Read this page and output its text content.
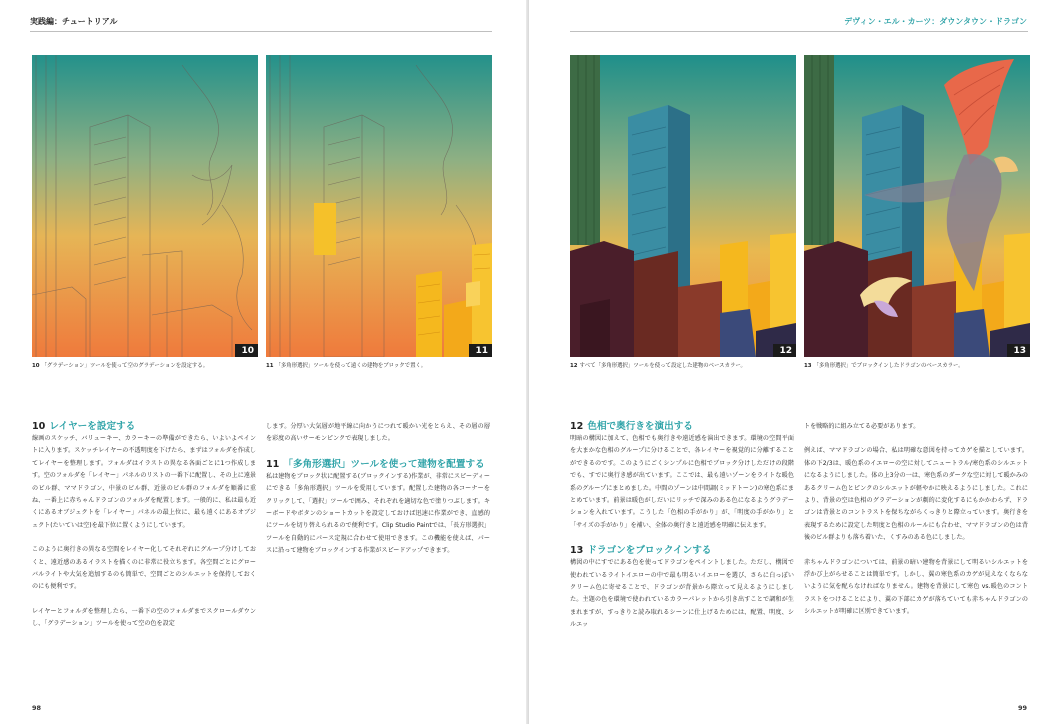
実践編：チュートリアル
10
10 「グラデーション」ツールを使って空のグラデーションを設定する。
11
11 「多角形選択」ツールを使って遠くの建物をブロックで置く。
10 レイヤーを設定する

線画のスケッチ、バリューキー、カラーキーの準備ができたら、いよいよペイントに入ります。スケッチレイヤーの不透明度を下げたら、まずはフォルダを作成してレイヤーを整理します。フォルダはイラストの異なる各面ごとに1つ作成します。空のフォルダを「レイヤー」パネルのリストの一番下に配置し、その上に遠景のビル群、ママドラゴン、中景のビル群、近景のビル群のフォルダを順番に重ね、一番上に赤ちゃんドラゴンのフォルダを配置します。一般的に、私は最も近くにあるオブジェクトを「レイヤー」パネルの最上位に、最も遠くにあるオブジェクト(たいていは空)を最下位に置くようにしています。

このように奥行きの異なる空間をレイヤー化してそれぞれにグループ分けしておくと、遠近感のあるイラストを描くのに非常に役立ちます。各空間ごとにグローバルライトや大気を追加するのも簡単で、空間ごとのシルエットを保持しておくのにも便利です。

レイヤーとフォルダを整理したら、一番下の空のフォルダまでスクロールダウンし、「グラデーション」ツールを使って空の色を設定

します。分厚い大気層が地平線に向かうにつれて暖かい光をとらえ、その層の層を彩度の高いサーモンピンクで表現しました。

11 「多角形選択」ツールを使って建物を配置する

私は建物をブロック状に配置する(ブロックインする)作業が、非常にスピーディーにできる「多角形選択」ツールを愛用しています。配置した建物の各コーナーをクリックして、「選択」ツールで囲み、それぞれを適切な色で塗りつぶします。キーボードやボタンのショートカットを設定しておけば迅速に作業ができ、直感的にツールを切り替えられるので便利です。Clip Studio Paintでは、「長方形選択」ツールを自動的にパース定規に合わせて使用できます。この機能を使えば、パースに沿って建物をブロックインする作業がスピードアップできます。

98
デヴィン・エル・カーツ：ダウンタウン・ドラゴン
12
12 すべて「多角形選択」ツールを使って設定した建物のベースカラー。
13
13 「多角形選択」でブロックインしたドラゴンのベースカラー。
12 色相で奥行きを演出する

明暗の構図に加えて、色相でも奥行きや遠近感を演出できます。環境の空間平面を大まかな色相のグループに分けることで、各レイヤーを視覚的に分離することができるのです。このようにごくシンプルに色相でブロック分けしただけの段階でも、すでに奥行き感が出ています。ここでは、最も遠いゾーンをライトな暖色系のグループにまとめました。中間のゾーンは中間調(ミッドトーン)の寒色系にまとめています。前景は暖色がしだいにリッチで深みのある色になるようグラデーションを入れています。こうした「色相の手がかり」が、「明度の手がかり」と「サイズの手がかり」を補い、全体の奥行きと遠近感を明確に伝えます。

13 ドラゴンをブロックインする

構図の中にすでにある色を使ってドラゴンをペイントしました。ただし、構図で使われているライトイエローの中で最も明るいイエローを選び、さらに白っぽいクリーム色に寄せることで、ドラゴンが背景から際立って見えるようにしました。主題の色を環境で使われているカラーパレットから引き出すことで調和が生まれますが、すっきりと読み取れるシーンに仕上げるためには、配置、明度、シルエッ

トを戦略的に組み立てる必要があります。

例えば、ママドラゴンの場合、私は明確な意図を持ってカゲを描としています。体の下2/3は、暖色系のイエローの空に対してニュートラル/寒色系のシルエットになるようにしました。体の上3分の一は、寒色系のダークな空に対して暖かみのあるクリーム色とピンクのシルエットが軽やかに映えるようにしました。これにより、背景の空は色相のグラデーションが劇的に変化するにもかかわらず、ドラゴンは背景とのコントラストを保ちながらくっきりと際立っています。奥行きを表現するために設定した明度と色相のルールにも合わせ、ママドラゴンの色は背後のビル群よりも落ち着いた、くすみのある色にしました。

赤ちゃんドラゴンについては、前景の暗い建物を背景にして明るいシルエットを浮かび上がらせることは簡単です。しかし、翼の寒色系のカゲが見えなくならないように気を配らなければなりません。建物を背景にして寒色 vs.暖色のコントラストをつけることにより、翼の下部にカゲが落ちていても赤ちゃんドラゴンのシルエットが明確に区別できています。

99
